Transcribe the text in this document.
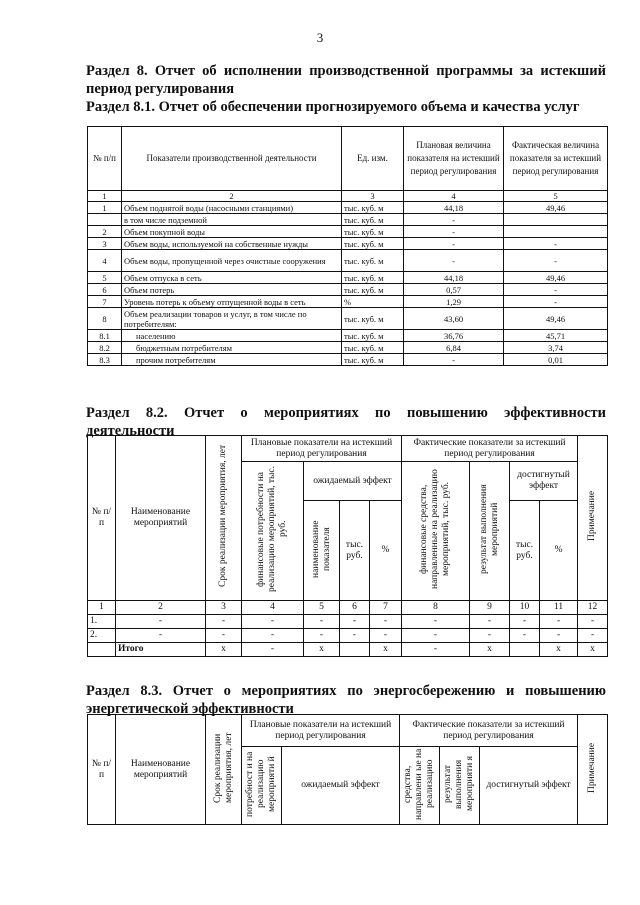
3

Раздел 8. Отчет об исполнении производственной программы за истекший период регулирования

Раздел 8.1. Отчет об обеспечении прогнозируемого объема и качества услуг

№ п/п	Показатели производственной деятельности	Ед. изм.	Плановая величина показателя на истекший период регулирования	Фактическая величина показателя за истекший период регулирования
1	2	3	4	5
1	Объем поднятой воды (насосными станциями)	тыс. куб. м	44,18	49,46
	в том числе подземной	тыс. куб. м	-	
2	Объем покупной воды	тыс. куб. м	-	
3	Объем воды, используемой на собственные нужды	тыс. куб. м	-	-
4	Объем воды, пропущенной через очистные сооружения	тыс. куб. м	-	-
5	Объем отпуска в сеть	тыс. куб. м	44,18	49,46
6	Объем потерь	тыс. куб. м	0,57	-
7	Уровень потерь к объему отпущенной воды в сеть	%	1,29	-
8	Объем реализации товаров и услуг, в том числе по потребителям:	тыс. куб. м	43,60	49,46
8.1	населению	тыс. куб. м	36,76	45,71
8.2	бюджетным потребителям	тыс. куб. м	6,84	3,74
8.3	прочим потребителям	тыс. куб. м	-	0,01

Раздел 8.2. Отчет о мероприятиях по повышению эффективности деятельности

№ п/п	Наименование мероприятий	Срок реализации мероприятия, лет	Плановые показатели на истекший период регулирования				Фактические показатели за истекший период регулирования				Примечание
			финансовые потребности на реализацию мероприятий, тыс. руб.	ожидаемый эффект			финансовые средства, направленные на реализацию мероприятий, тыс. руб.	результат выполнения мероприятий	достигнутый эффект		
				наименование показателя	тыс. руб.	%			тыс. руб.	%	
1	2	3	4	5	6	7	8	9	10	11	12
1.	-	-	-	-	-	-	-	-	-	-	-
2.	-	-	-	-	-	-	-	-	-	-	-
	Итого	x	-	x		x	-	x		x	x

Раздел 8.3. Отчет о мероприятиях по энергосбережению и повышению энергетической эффективности

№ п/п	Наименование мероприятий	Срок реализации мероприятия, лет	Плановые показатели на истекший период регулирования		Фактические показатели за истекший период регулирования			Примечание
			потребност и на реализацию мероприяти й	ожидаемый эффект	средства, направлени ые на реализацию	результат выполнения мероприяти я	достигнутый эффект	
